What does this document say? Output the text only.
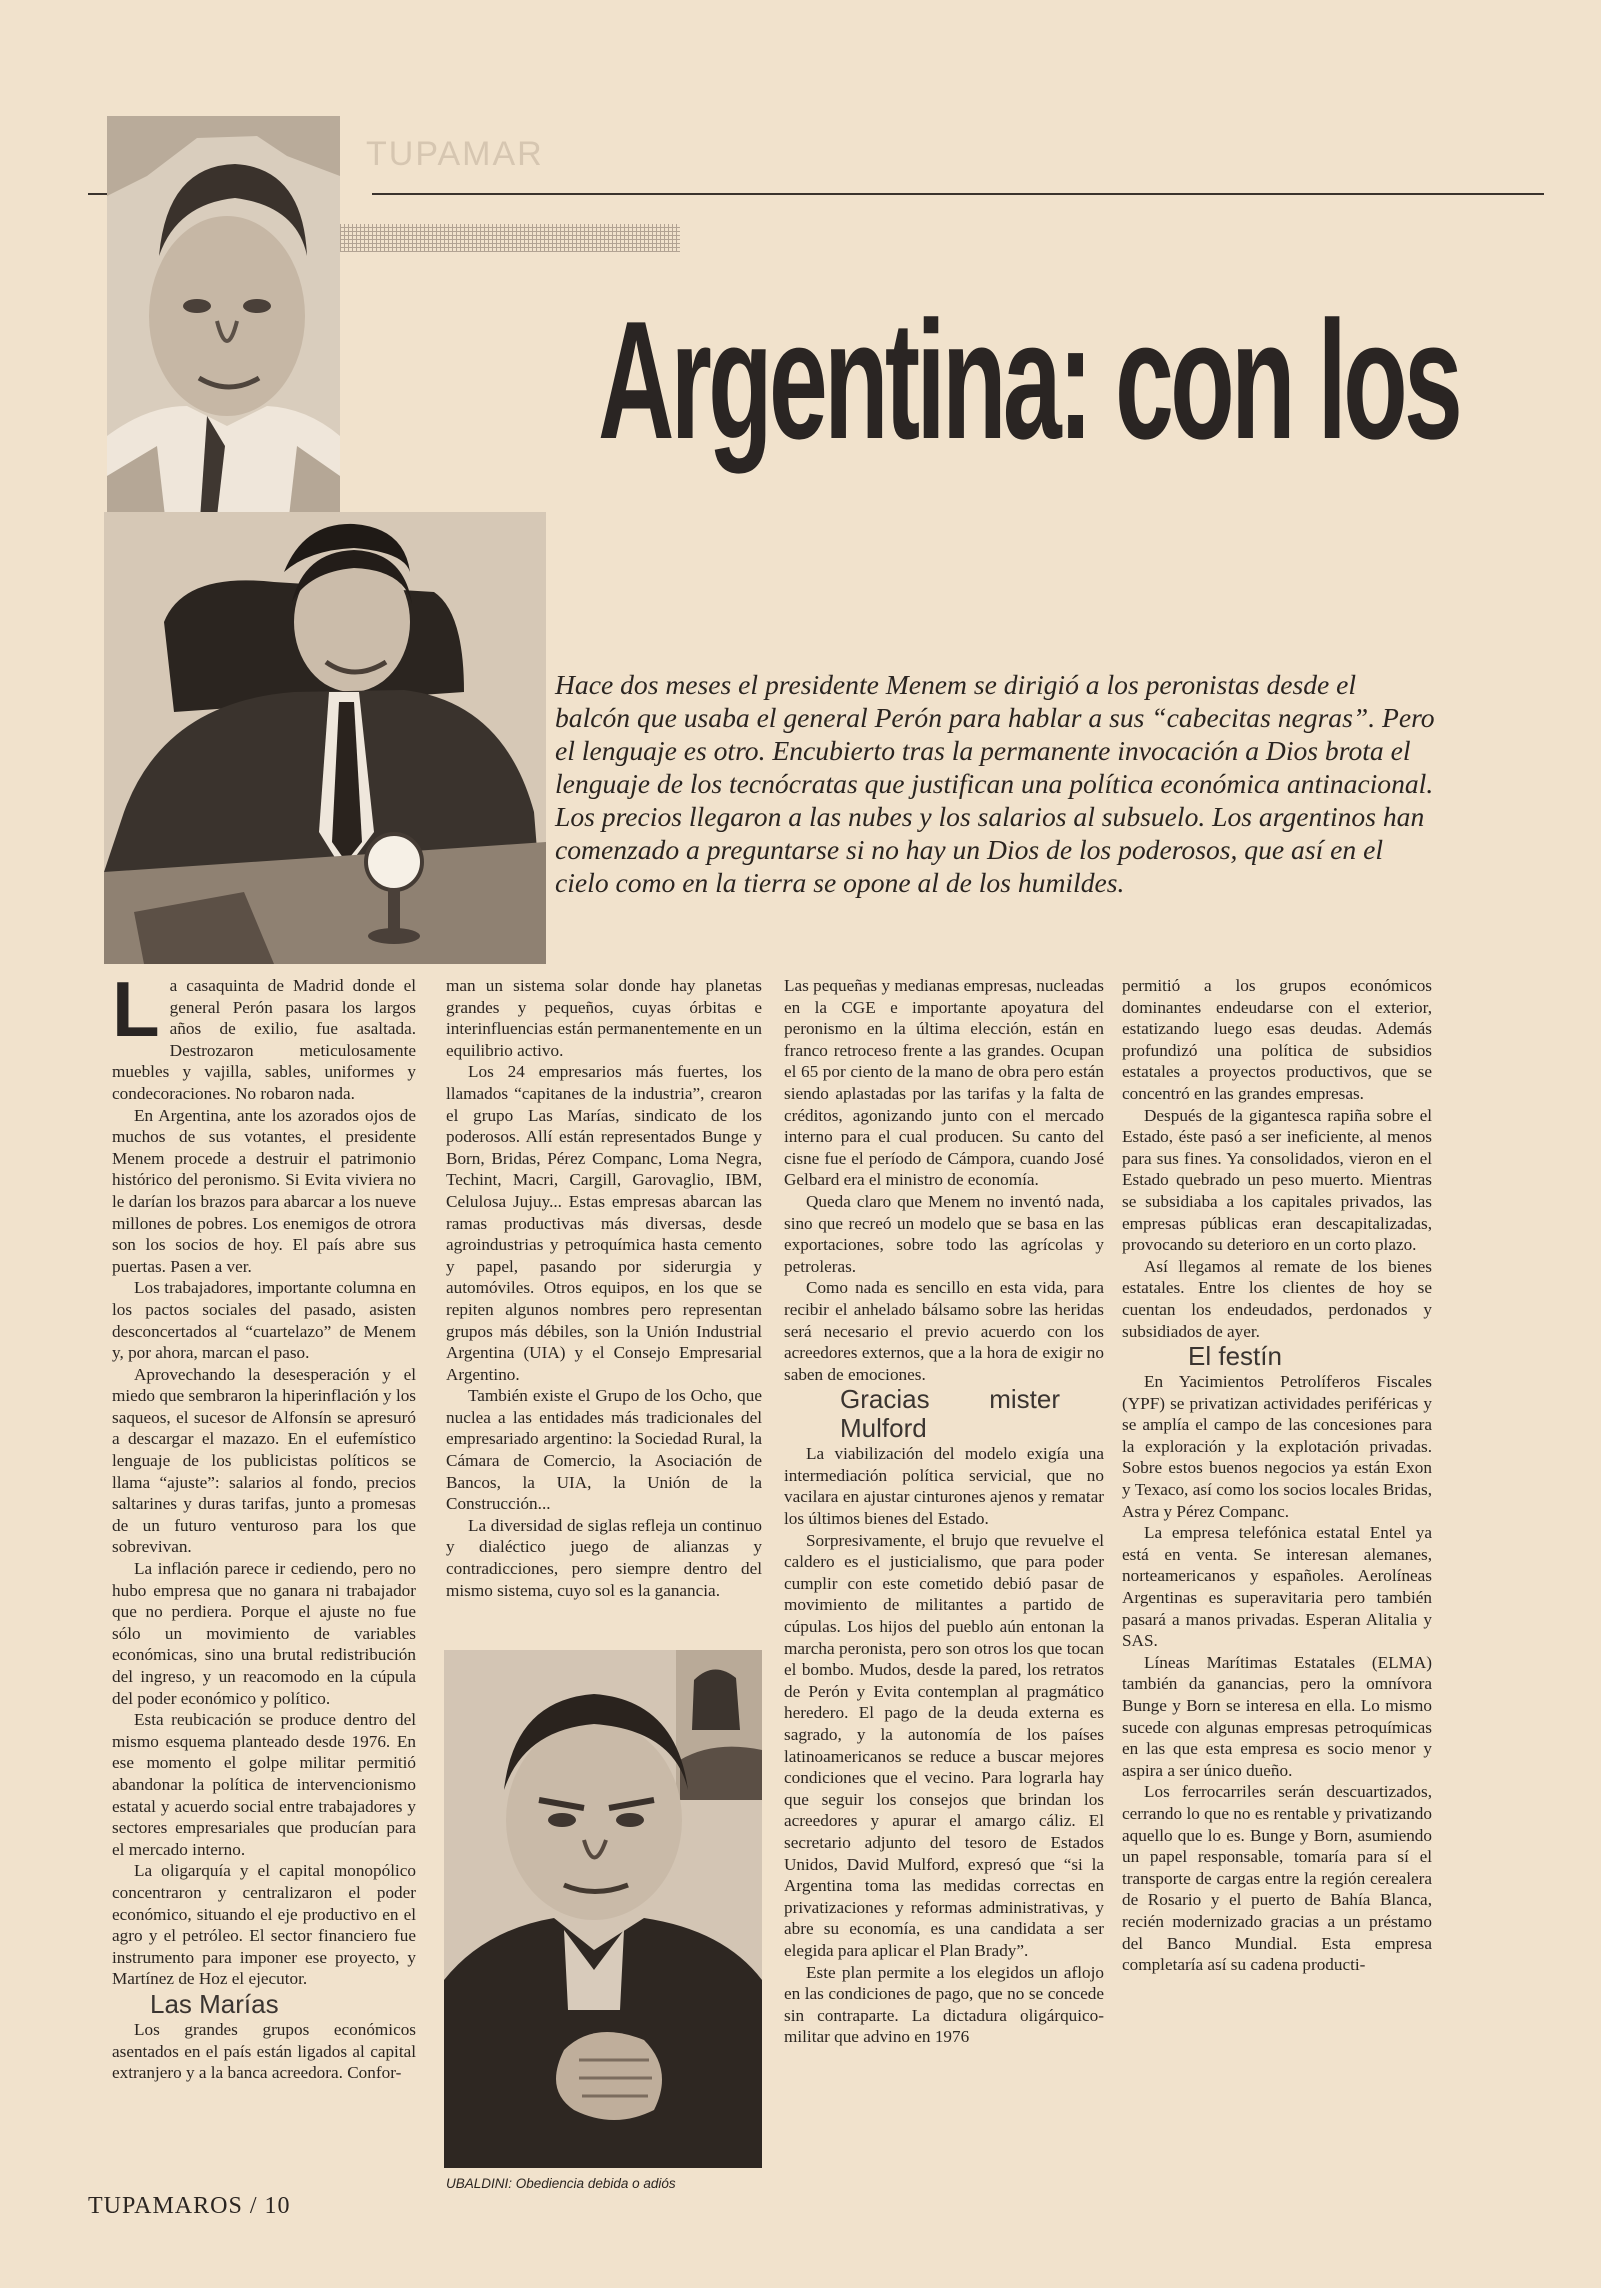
TUPAMAR
Argentina: con los
Hace dos meses el presidente Menem se dirigió a los peronistas desde el balcón que usaba el general Perón para hablar a sus “cabecitas negras”. Pero el lenguaje es otro. Encubierto tras la permanente invocación a Dios brota el lenguaje de los tecnócratas que justifican una política económica antinacional. Los precios llegaron a las nubes y los salarios al subsuelo. Los argentinos han comenzado a preguntarse si no hay un Dios de los poderosos, que así en el cielo como en la tierra se opone al de los humildes.

La casaquinta de Madrid donde el general Perón pasara los largos años de exilio, fue asaltada. Destrozaron meticulosamente muebles y vajilla, sables, uniformes y condecoraciones. No robaron nada.

En Argentina, ante los azorados ojos de muchos de sus votantes, el presidente Menem procede a destruir el patrimonio histórico del peronismo. Si Evita viviera no le darían los brazos para abarcar a los nueve millones de pobres. Los enemigos de otrora son los socios de hoy. El país abre sus puertas. Pasen a ver.

Los trabajadores, importante columna en los pactos sociales del pasado, asisten desconcertados al “cuartelazo” de Menem y, por ahora, marcan el paso.

Aprovechando la desesperación y el miedo que sembraron la hiperinflación y los saqueos, el sucesor de Alfonsín se apresuró a descargar el mazazo. En el eufemístico lenguaje de los publicistas políticos se llama “ajuste”: salarios al fondo, precios saltarines y duras tarifas, junto a promesas de un futuro venturoso para los que sobrevivan.

La inflación parece ir cediendo, pero no hubo empresa que no ganara ni trabajador que no perdiera. Porque el ajuste no fue sólo un movimiento de variables económicas, sino una brutal redistribución del ingreso, y un reacomodo en la cúpula del poder económico y político.

Esta reubicación se produce dentro del mismo esquema planteado desde 1976. En ese momento el golpe militar permitió abandonar la política de intervencionismo estatal y acuerdo social entre trabajadores y sectores empresariales que producían para el mercado interno.

La oligarquía y el capital monopólico concentraron y centralizaron el poder económico, situando el eje productivo en el agro y el petróleo. El sector financiero fue instrumento para imponer ese proyecto, y Martínez de Hoz el ejecutor.

Las Marías

Los grandes grupos económicos asentados en el país están ligados al capital extranjero y a la banca acreedora. Confor-

man un sistema solar donde hay planetas grandes y pequeños, cuyas órbitas e interinfluencias están permanentemente en un equilibrio activo.

Los 24 empresarios más fuertes, los llamados “capitanes de la industria”, crearon el grupo Las Marías, sindicato de los poderosos. Allí están representados Bunge y Born, Bridas, Pérez Companc, Loma Negra, Techint, Macri, Cargill, Garovaglio, IBM, Celulosa Jujuy... Estas empresas abarcan las ramas productivas más diversas, desde agroindustrias y petroquímica hasta cemento y papel, pasando por siderurgia y automóviles. Otros equipos, en los que se repiten algunos nombres pero representan grupos más débiles, son la Unión Industrial Argentina (UIA) y el Consejo Empresarial Argentino.

También existe el Grupo de los Ocho, que nuclea a las entidades más tradicionales del empresariado argentino: la Sociedad Rural, la Cámara de Comercio, la Asociación de Bancos, la UIA, la Unión de la Construcción...

La diversidad de siglas refleja un continuo y dialéctico juego de alianzas y contradicciones, pero siempre dentro del mismo sistema, cuyo sol es la ganancia.

UBALDINI: Obediencia debida o adiós

Las pequeñas y medianas empresas, nucleadas en la CGE e importante apoyatura del peronismo en la última elección, están en franco retroceso frente a las grandes. Ocupan el 65 por ciento de la mano de obra pero están siendo aplastadas por las tarifas y la falta de créditos, agonizando junto con el mercado interno para el cual producen. Su canto del cisne fue el período de Cámpora, cuando José Gelbard era el ministro de economía.

Queda claro que Menem no inventó nada, sino que recreó un modelo que se basa en las exportaciones, sobre todo las agrícolas y petroleras.

Como nada es sencillo en esta vida, para recibir el anhelado bálsamo sobre las heridas será necesario el previo acuerdo con los acreedores externos, que a la hora de exigir no saben de emociones.

Gracias mister Mulford

La viabilización del modelo exigía una intermediación política servicial, que no vacilara en ajustar cinturones ajenos y rematar los últimos bienes del Estado.

Sorpresivamente, el brujo que revuelve el caldero es el justicialismo, que para poder cumplir con este cometido debió pasar de movimiento de militantes a partido de cúpulas. Los hijos del pueblo aún entonan la marcha peronista, pero son otros los que tocan el bombo. Mudos, desde la pared, los retratos de Perón y Evita contemplan al pragmático heredero. El pago de la deuda externa es sagrado, y la autonomía de los países latinoamericanos se reduce a buscar mejores condiciones que el vecino. Para lograrla hay que seguir los consejos que brindan los acreedores y apurar el amargo cáliz. El secretario adjunto del tesoro de Estados Unidos, David Mulford, expresó que “si la Argentina toma las medidas correctas en privatizaciones y reformas administrativas, y abre su economía, es una candidata a ser elegida para aplicar el Plan Brady”.

Este plan permite a los elegidos un aflojo en las condiciones de pago, que no se concede sin contraparte. La dictadura oligárquico-militar que advino en 1976

permitió a los grupos económicos dominantes endeudarse con el exterior, estatizando luego esas deudas. Además profundizó una política de subsidios estatales a proyectos productivos, que se concentró en las grandes empresas.

Después de la gigantesca rapiña sobre el Estado, éste pasó a ser ineficiente, al menos para sus fines. Ya consolidados, vieron en el Estado quebrado un peso muerto. Mientras se subsidiaba a los capitales privados, las empresas públicas eran descapitalizadas, provocando su deterioro en un corto plazo.

Así llegamos al remate de los bienes estatales. Entre los clientes de hoy se cuentan los endeudados, perdonados y subsidiados de ayer.

El festín

En Yacimientos Petrolíferos Fiscales (YPF) se privatizan actividades periféricas y se amplía el campo de las concesiones para la exploración y la explotación privadas. Sobre estos buenos negocios ya están Exon y Texaco, así como los socios locales Bridas, Astra y Pérez Companc.

La empresa telefónica estatal Entel ya está en venta. Se interesan alemanes, norteamericanos y españoles. Aerolíneas Argentinas es superavitaria pero también pasará a manos privadas. Esperan Alitalia y SAS.

Líneas Marítimas Estatales (ELMA) también da ganancias, pero la omnívora Bunge y Born se interesa en ella. Lo mismo sucede con algunas empresas petroquímicas en las que esta empresa es socio menor y aspira a ser único dueño.

Los ferrocarriles serán descuartizados, cerrando lo que no es rentable y privatizando aquello que lo es. Bunge y Born, asumiendo un papel responsable, tomaría para sí el transporte de cargas entre la región cerealera de Rosario y el puerto de Bahía Blanca, recién modernizado gracias a un préstamo del Banco Mundial. Esta empresa completaría así su cadena producti-

TUPAMAROS / 10
